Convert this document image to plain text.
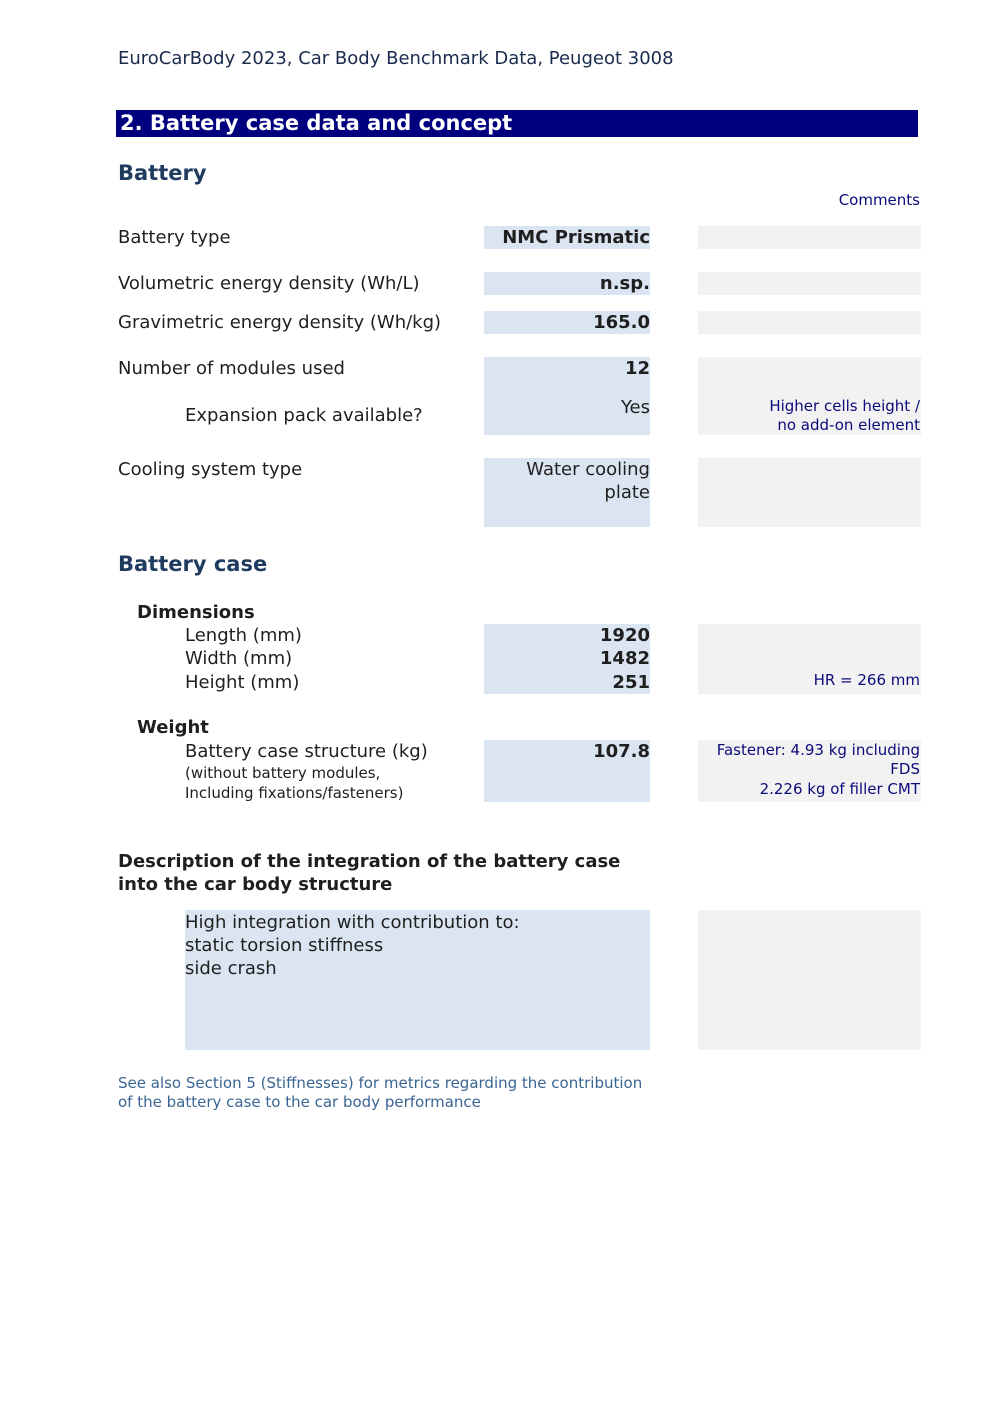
EuroCarBody 2023, Car Body Benchmark Data, Peugeot 3008
2. Battery case data and concept
Battery
Comments
Battery type	NMC Prismatic
Volumetric energy density (Wh/L)	n.sp.
Gravimetric energy density (Wh/kg)	165.0
Number of modules used	12
Expansion pack available?	Yes	Higher cells height /
no add-on element
Cooling system type	Water cooling
plate
Battery case
Dimensions
Length (mm)	1920
Width (mm)	1482
Height (mm)	251	HR = 266 mm
Weight
Battery case structure (kg)
(without battery modules,
Including fixations/fasteners)
107.8	Fastener: 4.93 kg including
FDS
2.226 kg of filler CMT
Description of the integration of the battery case
into the car body structure
High integration with contribution to:
static torsion stiffness
side crash
See also Section 5 (Stiffnesses) for metrics regarding the contribution
of the battery case to the car body performance
